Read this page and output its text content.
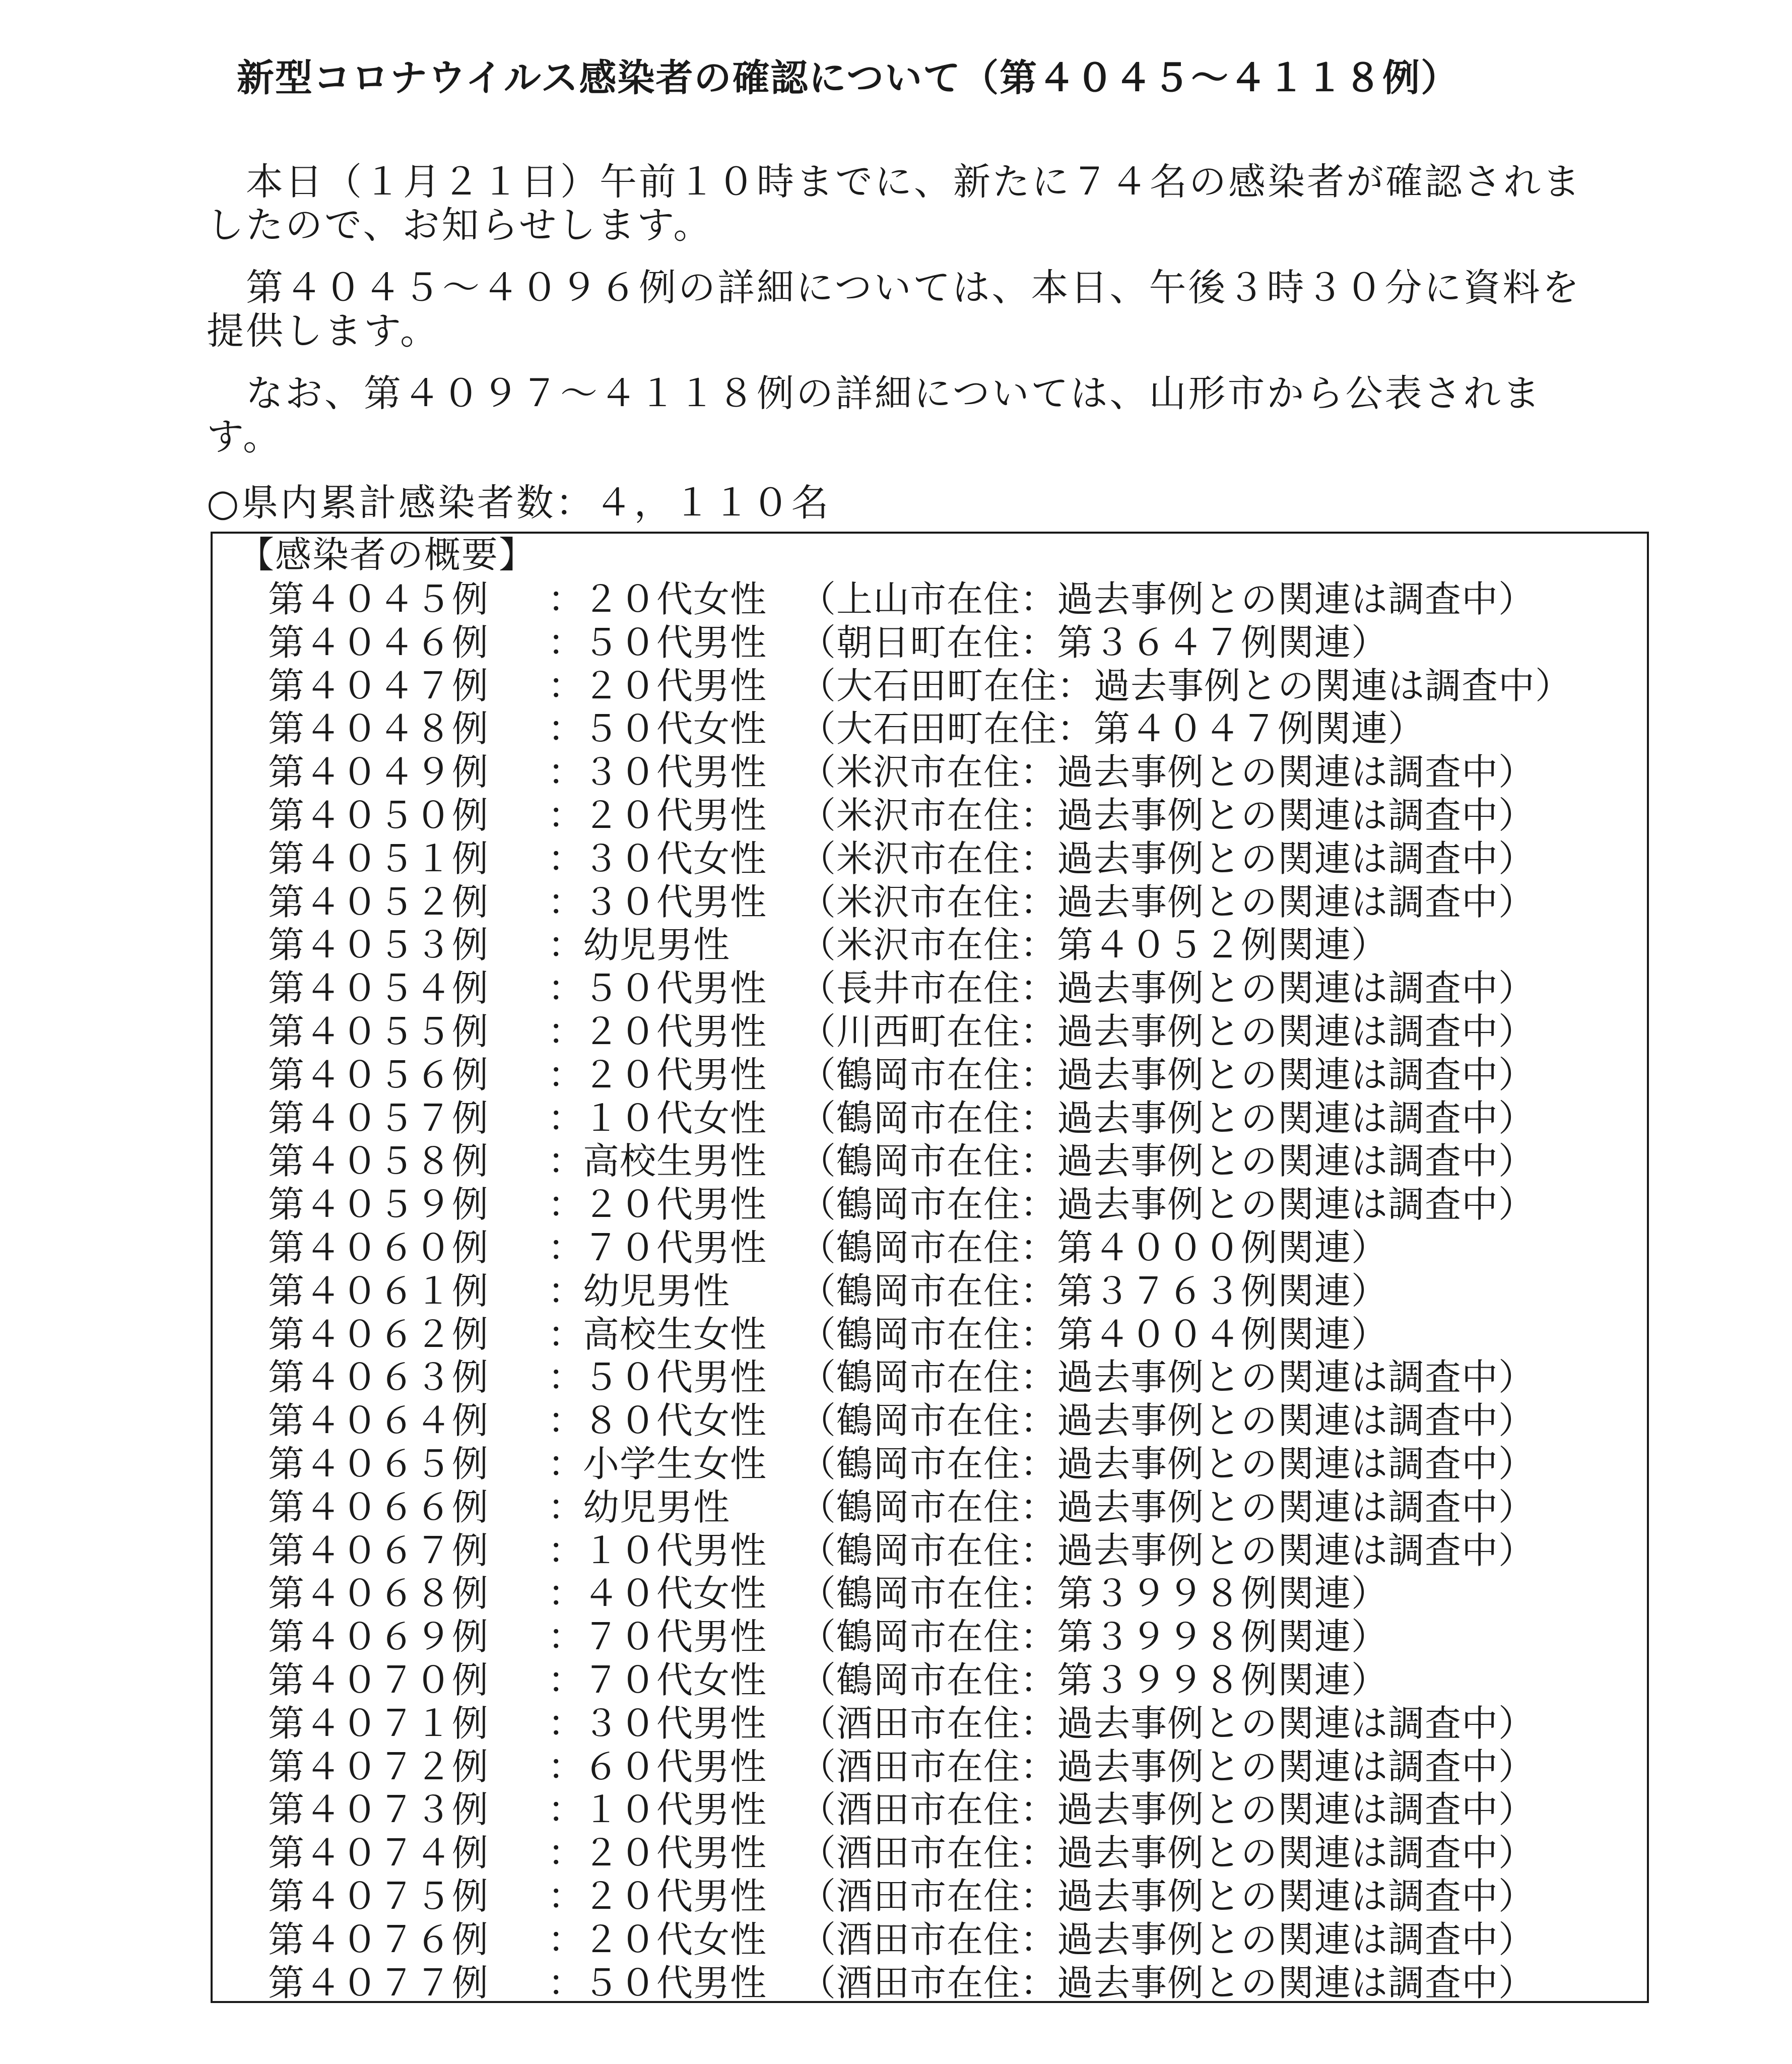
新型コロナウイルス感染者の確認について（第４０４５～４１１８例）
本日（１月２１日）午前１０時までに、新たに７４名の感染者が確認されましたので、お知らせします。
第４０４５～４０９６例の詳細については、本日、午後３時３０分に資料を提供します。
なお、第４０９７～４１１８例の詳細については、山形市から公表されます。
○県内累計感染者数：４，１１０名
【感染者の概要】
第４０４５例 ：２０代女性 （上山市在住：過去事例との関連は調査中）
第４０４６例 ：５０代男性 （朝日町在住：第３６４７例関連）
第４０４７例 ：２０代男性 （大石田町在住：過去事例との関連は調査中）
第４０４８例 ：５０代女性 （大石田町在住：第４０４７例関連）
第４０４９例 ：３０代男性 （米沢市在住：過去事例との関連は調査中）
第４０５０例 ：２０代男性 （米沢市在住：過去事例との関連は調査中）
第４０５１例 ：３０代女性 （米沢市在住：過去事例との関連は調査中）
第４０５２例 ：３０代男性 （米沢市在住：過去事例との関連は調査中）
第４０５３例 ：幼児男性 （米沢市在住：第４０５２例関連）
第４０５４例 ：５０代男性 （長井市在住：過去事例との関連は調査中）
第４０５５例 ：２０代男性 （川西町在住：過去事例との関連は調査中）
第４０５６例 ：２０代男性 （鶴岡市在住：過去事例との関連は調査中）
第４０５７例 ：１０代女性 （鶴岡市在住：過去事例との関連は調査中）
第４０５８例 ：高校生男性 （鶴岡市在住：過去事例との関連は調査中）
第４０５９例 ：２０代男性 （鶴岡市在住：過去事例との関連は調査中）
第４０６０例 ：７０代男性 （鶴岡市在住：第４０００例関連）
第４０６１例 ：幼児男性 （鶴岡市在住：第３７６３例関連）
第４０６２例 ：高校生女性 （鶴岡市在住：第４００４例関連）
第４０６３例 ：５０代男性 （鶴岡市在住：過去事例との関連は調査中）
第４０６４例 ：８０代女性 （鶴岡市在住：過去事例との関連は調査中）
第４０６５例 ：小学生女性 （鶴岡市在住：過去事例との関連は調査中）
第４０６６例 ：幼児男性 （鶴岡市在住：過去事例との関連は調査中）
第４０６７例 ：１０代男性 （鶴岡市在住：過去事例との関連は調査中）
第４０６８例 ：４０代女性 （鶴岡市在住：第３９９８例関連）
第４０６９例 ：７０代男性 （鶴岡市在住：第３９９８例関連）
第４０７０例 ：７０代女性 （鶴岡市在住：第３９９８例関連）
第４０７１例 ：３０代男性 （酒田市在住：過去事例との関連は調査中）
第４０７２例 ：６０代男性 （酒田市在住：過去事例との関連は調査中）
第４０７３例 ：１０代男性 （酒田市在住：過去事例との関連は調査中）
第４０７４例 ：２０代男性 （酒田市在住：過去事例との関連は調査中）
第４０７５例 ：２０代男性 （酒田市在住：過去事例との関連は調査中）
第４０７６例 ：２０代女性 （酒田市在住：過去事例との関連は調査中）
第４０７７例 ：５０代男性 （酒田市在住：過去事例との関連は調査中）
